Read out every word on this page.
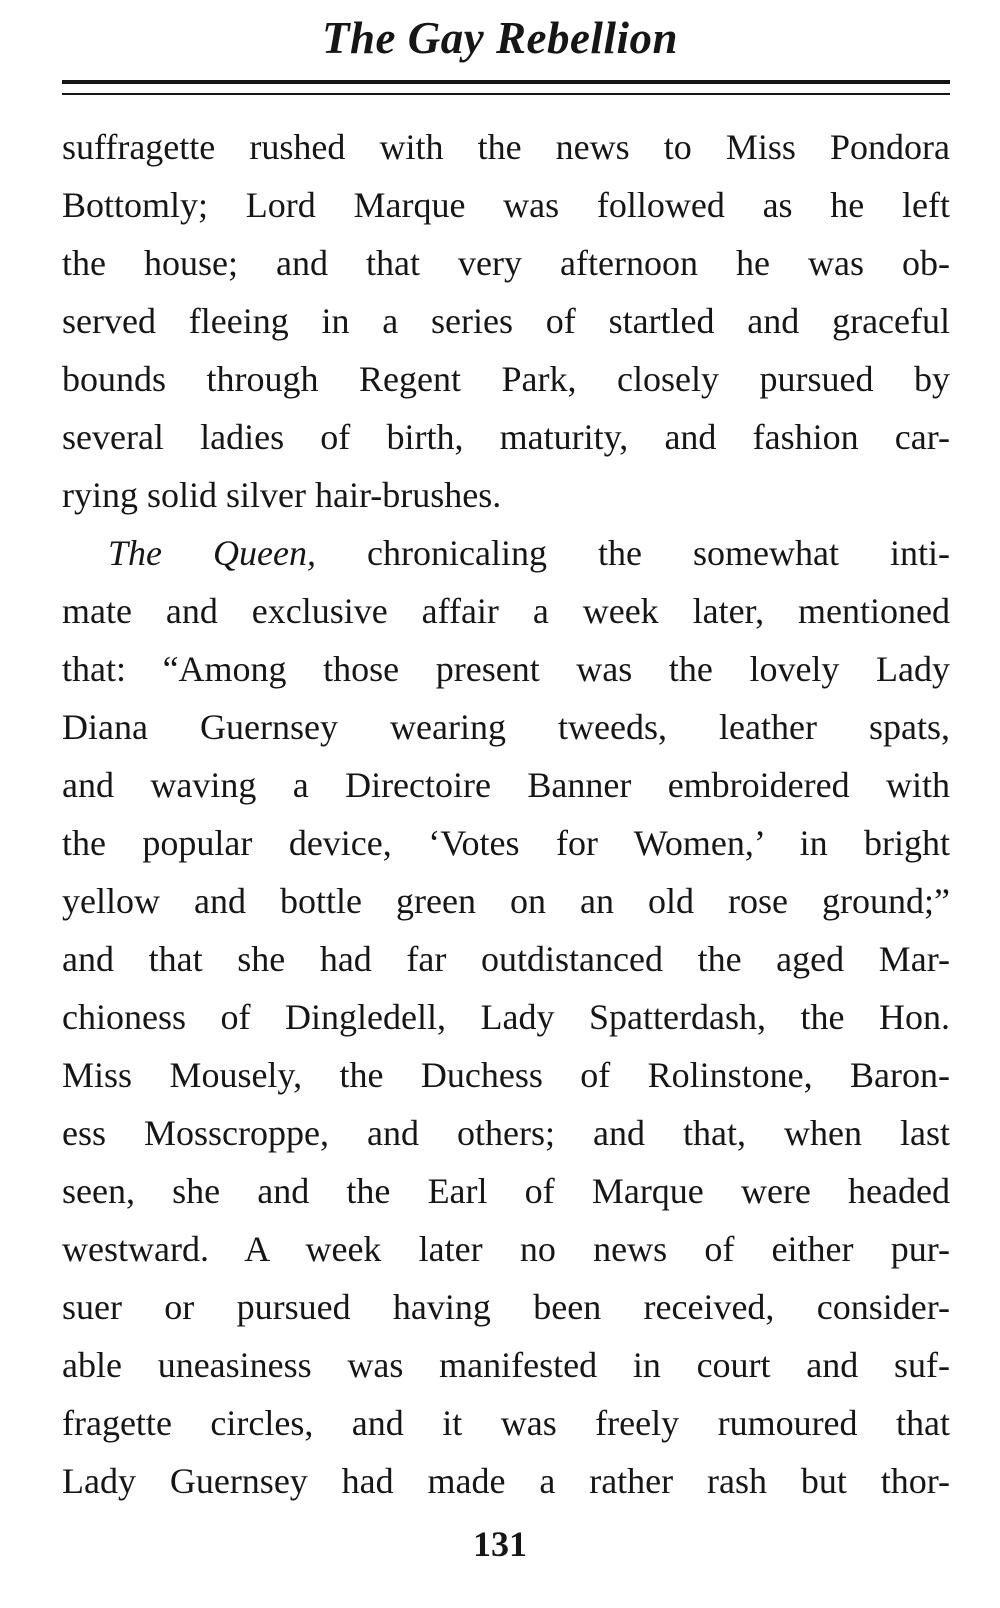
The Gay Rebellion
suffragette rushed with the news to Miss Pondora
Bottomly; Lord Marque was followed as he left
the house; and that very afternoon he was ob-
served fleeing in a series of startled and graceful
bounds through Regent Park, closely pursued by
several ladies of birth, maturity, and fashion car-
rying solid silver hair-brushes.
The Queen, chronicaling the somewhat inti-
mate and exclusive affair a week later, mentioned
that: “Among those present was the lovely Lady
Diana Guernsey wearing tweeds, leather spats,
and waving a Directoire Banner embroidered with
the popular device, ‘Votes for Women,’ in bright
yellow and bottle green on an old rose ground;”
and that she had far outdistanced the aged Mar-
chioness of Dingledell, Lady Spatterdash, the Hon.
Miss Mousely, the Duchess of Rolinstone, Baron-
ess Mosscroppe, and others; and that, when last
seen, she and the Earl of Marque were headed
westward. A week later no news of either pur-
suer or pursued having been received, consider-
able uneasiness was manifested in court and suf-
fragette circles, and it was freely rumoured that
Lady Guernsey had made a rather rash but thor-
131
